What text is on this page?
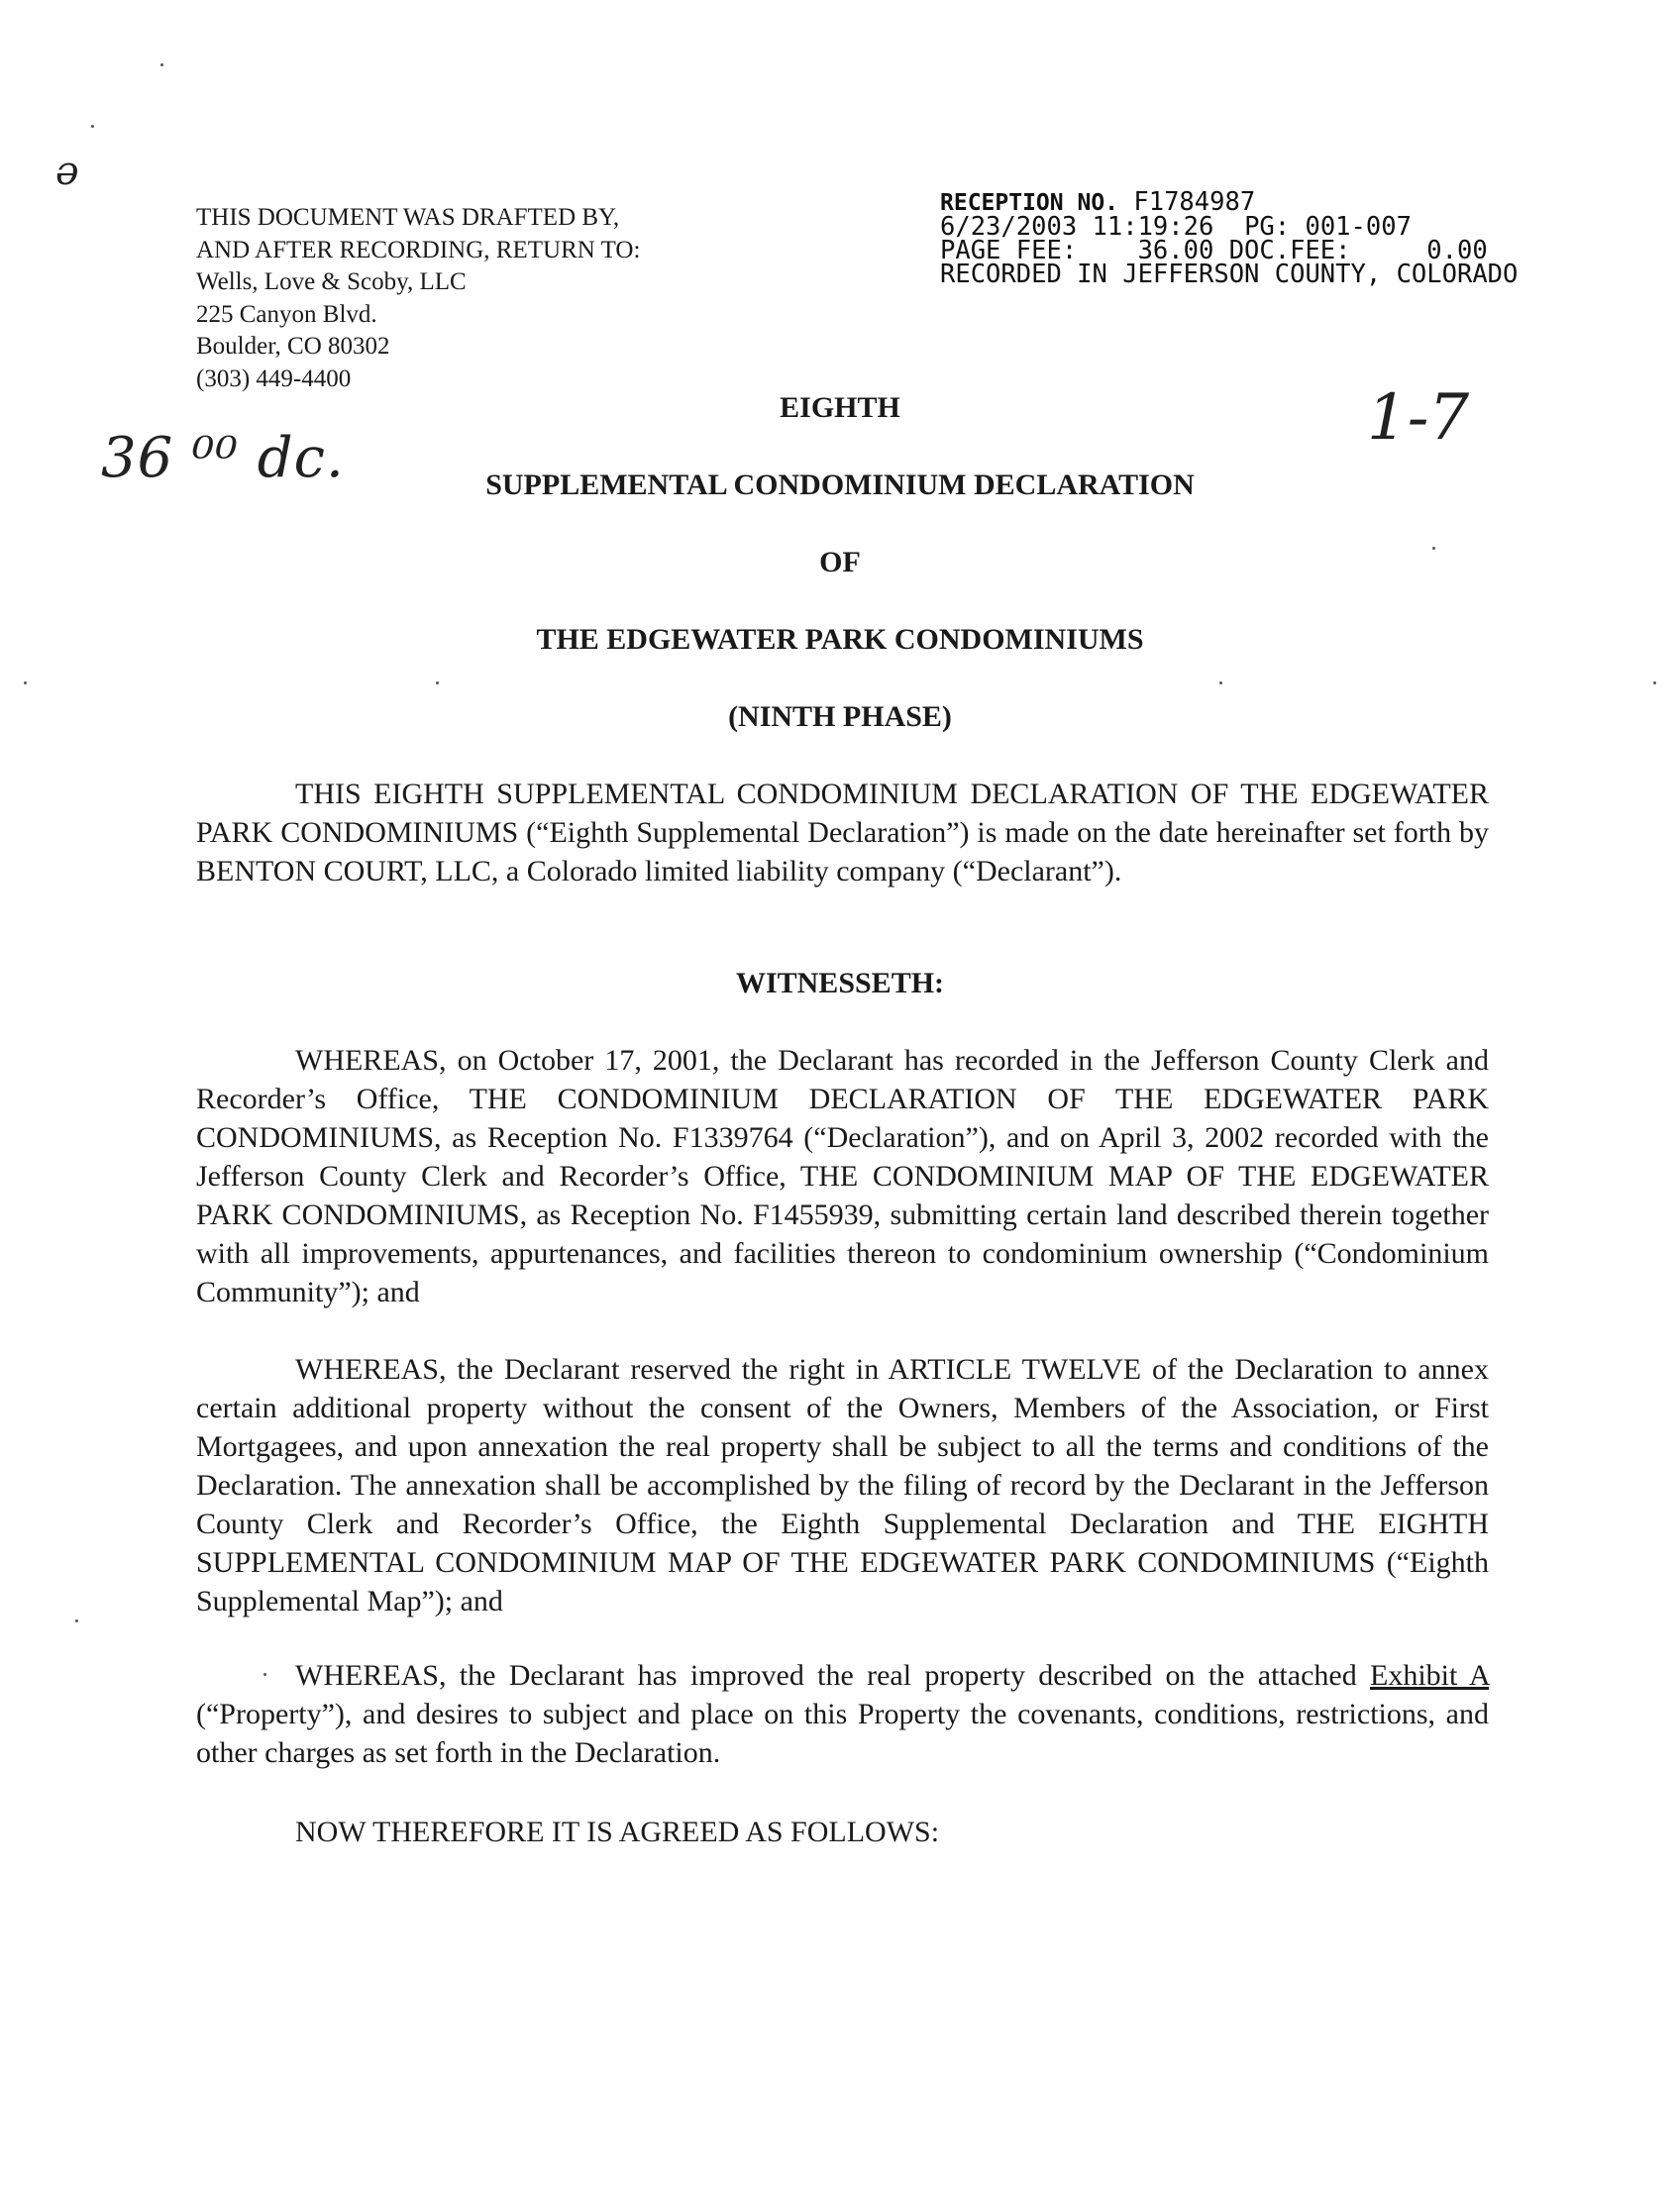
ə
36 ⁰⁰ dc.
1-7
THIS DOCUMENT WAS DRAFTED BY,
AND AFTER RECORDING, RETURN TO:
Wells, Love & Scoby, LLC
225 Canyon Blvd.
Boulder, CO 80302
(303) 449-4400
RECEPTION NO. F1784987
6/23/2003 11:19:26 PG: 001-007
PAGE FEE:    36.00 DOC.FEE:     0.00
RECORDED IN JEFFERSON COUNTY, COLORADO
EIGHTH
SUPPLEMENTAL CONDOMINIUM DECLARATION
OF
THE EDGEWATER PARK CONDOMINIUMS
(NINTH PHASE)
THIS EIGHTH SUPPLEMENTAL CONDOMINIUM DECLARATION OF THE EDGEWATER PARK CONDOMINIUMS (“Eighth Supplemental Declaration”) is made on the date hereinafter set forth by BENTON COURT, LLC, a Colorado limited liability company (“Declarant”).
WITNESSETH:
WHEREAS, on October 17, 2001, the Declarant has recorded in the Jefferson County Clerk and Recorder’s Office, THE CONDOMINIUM DECLARATION OF THE EDGEWATER PARK CONDOMINIUMS, as Reception No. F1339764 (“Declaration”), and on April 3, 2002 recorded with the Jefferson County Clerk and Recorder’s Office, THE CONDOMINIUM MAP OF THE EDGEWATER PARK CONDOMINIUMS, as Reception No. F1455939, submitting certain land described therein together with all improvements, appurtenances, and facilities thereon to condominium ownership (“Condominium Community”); and
WHEREAS, the Declarant reserved the right in ARTICLE TWELVE of the Declaration to annex certain additional property without the consent of the Owners, Members of the Association, or First Mortgagees, and upon annexation the real property shall be subject to all the terms and conditions of the Declaration. The annexation shall be accomplished by the filing of record by the Declarant in the Jefferson County Clerk and Recorder’s Office, the Eighth Supplemental Declaration and THE EIGHTH SUPPLEMENTAL CONDOMINIUM MAP OF THE EDGEWATER PARK CONDOMINIUMS (“Eighth Supplemental Map”); and
WHEREAS, the Declarant has improved the real property described on the attached Exhibit A (“Property”), and desires to subject and place on this Property the covenants, conditions, restrictions, and other charges as set forth in the Declaration.
NOW THEREFORE IT IS AGREED AS FOLLOWS:
